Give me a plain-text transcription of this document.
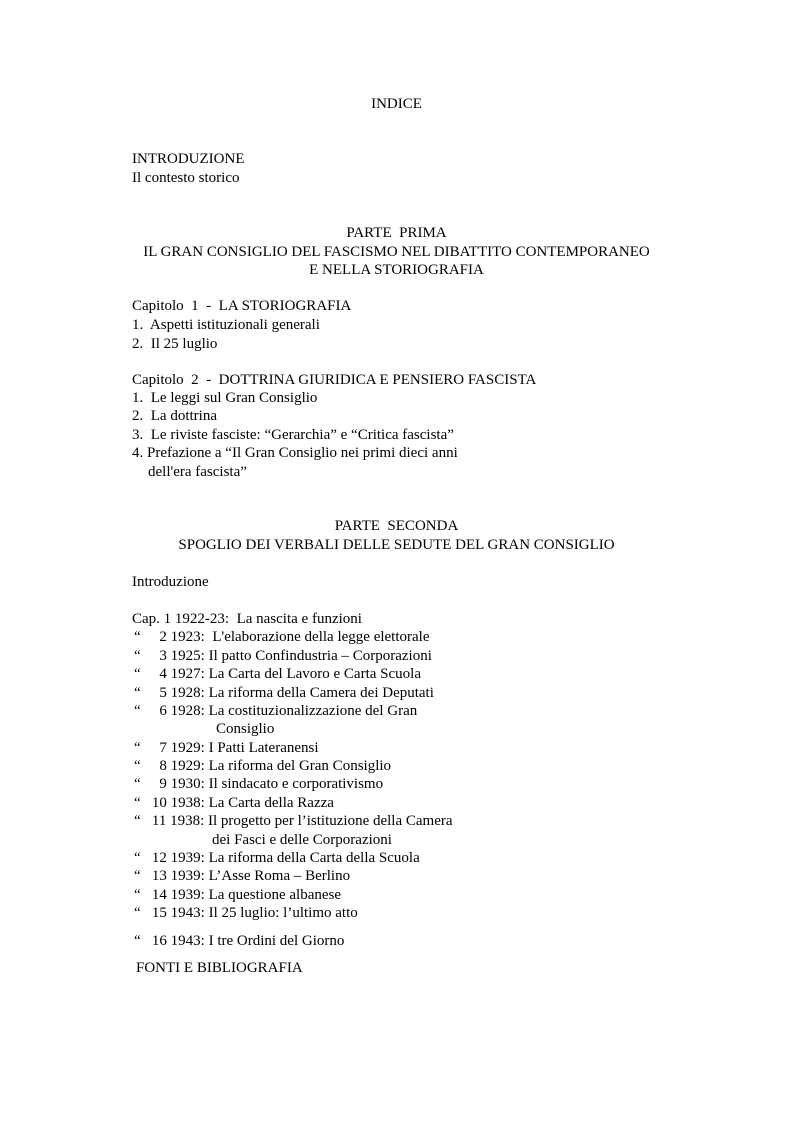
INDICE
INTRODUZIONE
Il contesto storico
PARTE  PRIMA
IL GRAN CONSIGLIO DEL FASCISMO NEL DIBATTITO CONTEMPORANEO
E NELLA STORIOGRAFIA
Capitolo  1  -  LA STORIOGRAFIA
1.  Aspetti istituzionali generali
2.  Il 25 luglio
Capitolo  2  -  DOTTRINA GIURIDICA E PENSIERO FASCISTA
1.  Le leggi sul Gran Consiglio
2.  La dottrina
3.  Le riviste fasciste: “Gerarchia” e “Critica fascista”
4. Prefazione a “Il Gran Consiglio nei primi dieci anni
dell'era fascista”
PARTE  SECONDA
SPOGLIO DEI VERBALI DELLE SEDUTE DEL GRAN CONSIGLIO
Introduzione
Cap. 1 1922-23:  La nascita e funzioni
“     2 1923:  L'elaborazione della legge elettorale
“     3 1925: Il patto Confindustria – Corporazioni
“     4 1927: La Carta del Lavoro e Carta Scuola
“     5 1928: La riforma della Camera dei Deputati
“     6 1928: La costituzionalizzazione del Gran
Consiglio
“     7 1929: I Patti Lateranensi
“     8 1929: La riforma del Gran Consiglio
“     9 1930: Il sindacato e corporativismo
“   10 1938: La Carta della Razza
“   11 1938: Il progetto per l’istituzione della Camera
dei Fasci e delle Corporazioni
“   12 1939: La riforma della Carta della Scuola
“   13 1939: L’Asse Roma – Berlino
“   14 1939: La questione albanese
“   15 1943: Il 25 luglio: l’ultimo atto
“   16 1943: I tre Ordini del Giorno
FONTI E BIBLIOGRAFIA
